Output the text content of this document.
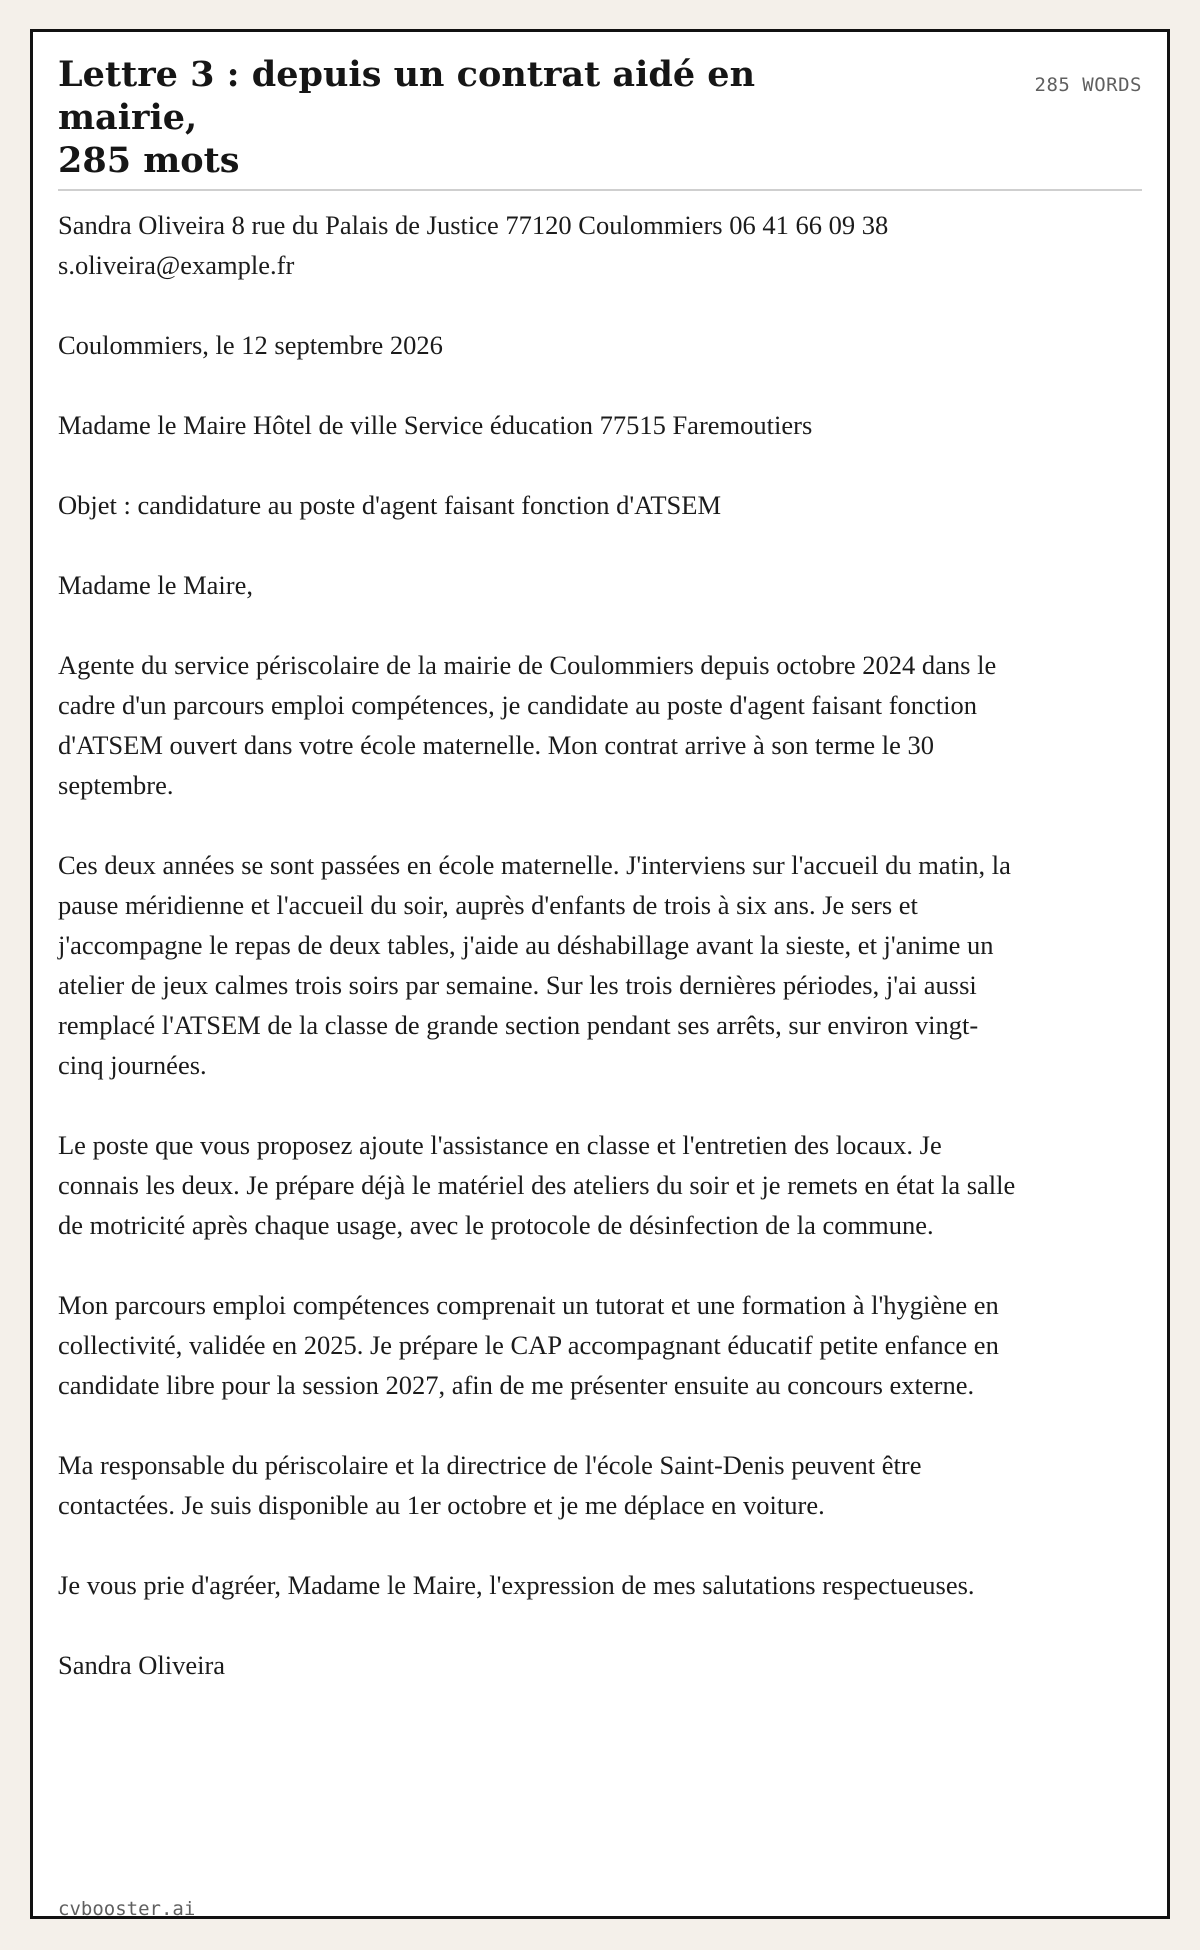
Lettre 3 : depuis un contrat aidé en mairie,
285 mots
285 WORDS

Sandra Oliveira 8 rue du Palais de Justice 77120 Coulommiers 06 41 66 09 38 s.oliveira@example.fr

Coulommiers, le 12 septembre 2026

Madame le Maire Hôtel de ville Service éducation 77515 Faremoutiers

Objet : candidature au poste d'agent faisant fonction d'ATSEM

Madame le Maire,

Agente du service périscolaire de la mairie de Coulommiers depuis octobre 2024 dans le cadre d'un parcours emploi compétences, je candidate au poste d'agent faisant fonction d'ATSEM ouvert dans votre école maternelle. Mon contrat arrive à son terme le 30 septembre.

Ces deux années se sont passées en école maternelle. J'interviens sur l'accueil du matin, la pause méridienne et l'accueil du soir, auprès d'enfants de trois à six ans. Je sers et j'accompagne le repas de deux tables, j'aide au déshabillage avant la sieste, et j'anime un atelier de jeux calmes trois soirs par semaine. Sur les trois dernières périodes, j'ai aussi remplacé l'ATSEM de la classe de grande section pendant ses arrêts, sur environ vingt-cinq journées.

Le poste que vous proposez ajoute l'assistance en classe et l'entretien des locaux. Je connais les deux. Je prépare déjà le matériel des ateliers du soir et je remets en état la salle de motricité après chaque usage, avec le protocole de désinfection de la commune.

Mon parcours emploi compétences comprenait un tutorat et une formation à l'hygiène en collectivité, validée en 2025. Je prépare le CAP accompagnant éducatif petite enfance en candidate libre pour la session 2027, afin de me présenter ensuite au concours externe.

Ma responsable du périscolaire et la directrice de l'école Saint-Denis peuvent être contactées. Je suis disponible au 1er octobre et je me déplace en voiture.

Je vous prie d'agréer, Madame le Maire, l'expression de mes salutations respectueuses.

Sandra Oliveira

cvbooster.ai
